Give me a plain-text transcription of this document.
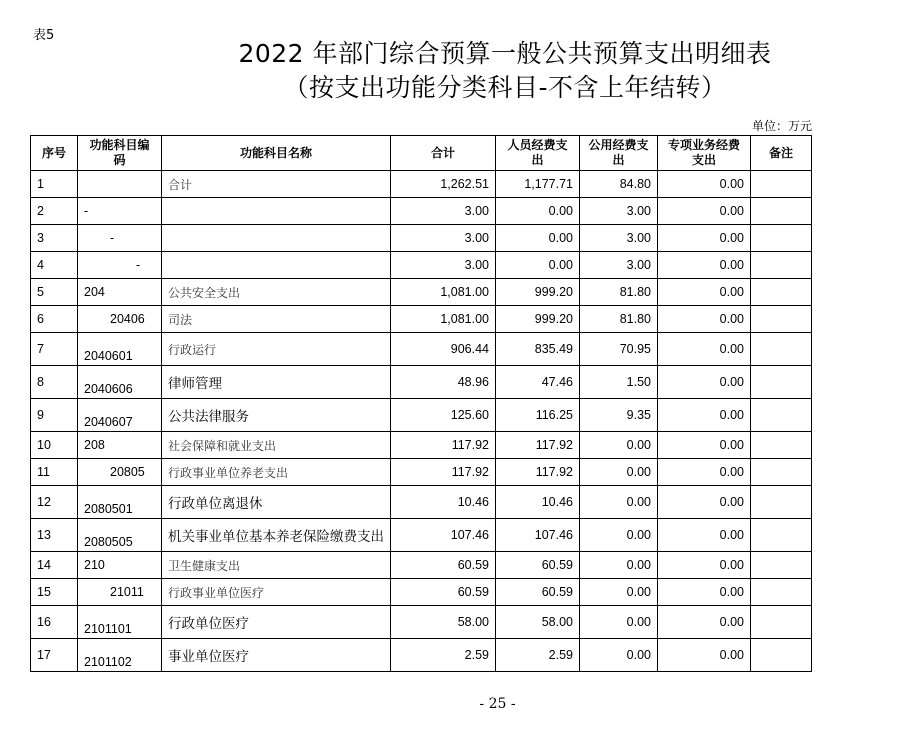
表5
2022 年部门综合预算一般公共预算支出明细表
（按支出功能分类科目-不含上年结转）
单位：万元
序号	功能科目编码	功能科目名称	合计	人员经费支出	公用经费支出	专项业务经费支出	备注
1		合计	1,262.51	1,177.71	84.80	0.00	
2	-		3.00	0.00	3.00	0.00	
3	-		3.00	0.00	3.00	0.00	
4	-		3.00	0.00	3.00	0.00	
5	204	公共安全支出	1,081.00	999.20	81.80	0.00	
6	20406	司法	1,081.00	999.20	81.80	0.00	
7	2040601	行政运行	906.44	835.49	70.95	0.00	
8	2040606	律师管理	48.96	47.46	1.50	0.00	
9	2040607	公共法律服务	125.60	116.25	9.35	0.00	
10	208	社会保障和就业支出	117.92	117.92	0.00	0.00	
11	20805	行政事业单位养老支出	117.92	117.92	0.00	0.00	
12	2080501	行政单位离退休	10.46	10.46	0.00	0.00	
13	2080505	机关事业单位基本养老保险缴费支出	107.46	107.46	0.00	0.00	
14	210	卫生健康支出	60.59	60.59	0.00	0.00	
15	21011	行政事业单位医疗	60.59	60.59	0.00	0.00	
16	2101101	行政单位医疗	58.00	58.00	0.00	0.00	
17	2101102	事业单位医疗	2.59	2.59	0.00	0.00	
- 25 -
